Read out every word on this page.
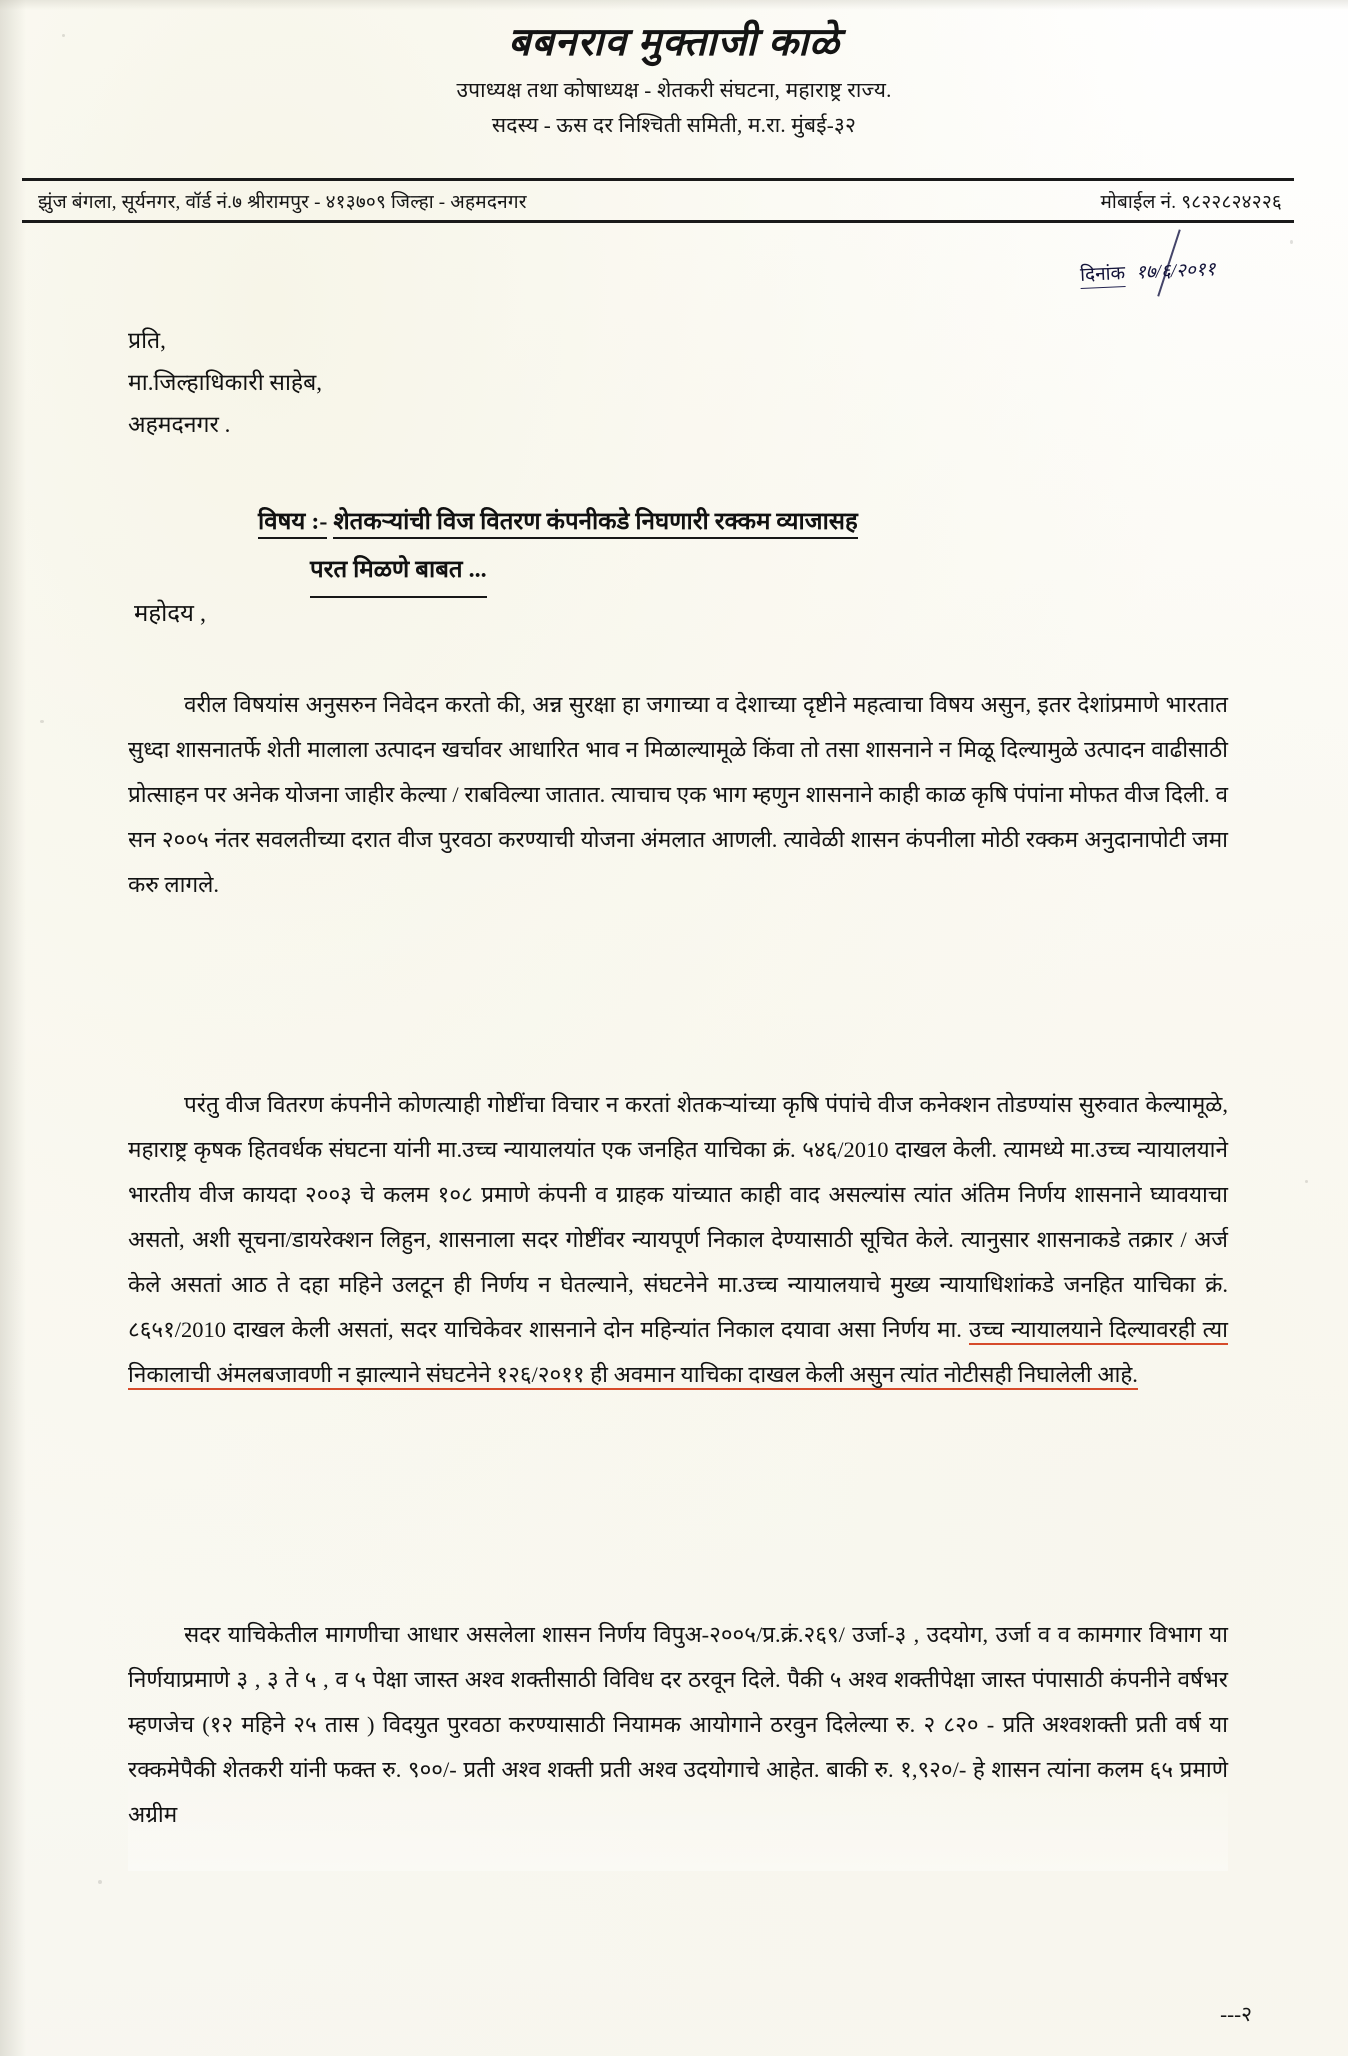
बबनराव मुक्ताजी काळे
उपाध्यक्ष तथा कोषाध्यक्ष - शेतकरी संघटना, महाराष्ट्र राज्य.
सदस्य - ऊस दर निश्चिती समिती, म.रा. मुंबई-३२
झुंज बंगला, सूर्यनगर, वॉर्ड नं.७ श्रीरामपुर - ४१३७०९ जिल्हा - अहमदनगर	मोबाईल नं. ९८२२८२४२२६
दिनांक १७/६/२०११
प्रति,
मा.जिल्हाधिकारी साहेब,
अहमदनगर .
विषय :- शेतकऱ्यांची विज वितरण कंपनीकडे निघणारी रक्कम व्याजासह
परत मिळणे बाबत ...
महोदय ,

वरील विषयांस अनुसरुन निवेदन करतो की, अन्न सुरक्षा हा जगाच्या व देशाच्या दृष्टीने महत्वाचा विषय असुन, इतर देशांप्रमाणे भारतात सुध्दा शासनातर्फे शेती मालाला उत्पादन खर्चावर आधारित भाव न मिळाल्यामूळे किंवा तो तसा शासनाने न मिळू दिल्यामुळे उत्पादन वाढीसाठी प्रोत्साहन पर अनेक योजना जाहीर केल्या / राबविल्या जातात. त्याचाच एक भाग म्हणुन शासनाने काही काळ कृषि पंपांना मोफत वीज दिली. व सन २००५ नंतर सवलतीच्या दरात वीज पुरवठा करण्याची योजना अंमलात आणली. त्यावेळी शासन कंपनीला मोठी रक्कम अनुदानापोटी जमा करु लागले.

परंतु वीज वितरण कंपनीने कोणत्याही गोष्टींचा विचार न करतां शेतकऱ्यांच्या कृषि पंपांचे वीज कनेक्शन तोडण्यांस सुरुवात केल्यामूळे, महाराष्ट्र कृषक हितवर्धक संघटना यांनी मा.उच्च न्यायालयांत एक जनहित याचिका क्रं. ५४६/2010 दाखल केली. त्यामध्ये मा.उच्च न्यायालयाने भारतीय वीज कायदा २००३ चे कलम १०८ प्रमाणे कंपनी व ग्राहक यांच्यात काही वाद असल्यांस त्यांत अंतिम निर्णय शासनाने घ्यावयाचा असतो, अशी सूचना/डायरेक्शन लिहुन, शासनाला सदर गोष्टींवर न्यायपूर्ण निकाल देण्यासाठी सूचित केले. त्यानुसार शासनाकडे तक्रार / अर्ज केले असतां आठ ते दहा महिने उलटून ही निर्णय न घेतल्याने, संघटनेने मा.उच्च न्यायालयाचे मुख्य न्यायाधिशांकडे जनहित याचिका क्रं. ८६५१/2010 दाखल केली असतां, सदर याचिकेवर शासनाने दोन महिन्यांत निकाल दयावा असा निर्णय मा. उच्च न्यायालयाने दिल्यावरही त्या निकालाची अंमलबजावणी न झाल्याने संघटनेने १२६/२०११ ही अवमान याचिका दाखल केली असुन त्यांत नोटीसही निघालेली आहे.

सदर याचिकेतील मागणीचा आधार असलेला शासन निर्णय विपुअ-२००५/प्र.क्रं.२६९/ उर्जा-३ , उदयोग, उर्जा व व कामगार विभाग या निर्णयाप्रमाणे ३ , ३ ते ५ , व ५ पेक्षा जास्त अश्व शक्तीसाठी विविध दर ठरवून दिले. पैकी ५ अश्व शक्तीपेक्षा जास्त पंपासाठी कंपनीने वर्षभर म्हणजेच (१२ महिने २५ तास ) विदयुत पुरवठा करण्यासाठी नियामक आयोगाने ठरवुन दिलेल्या रु. २ ८२० - प्रति अश्वशक्ती प्रती वर्ष या रक्कमेपैकी शेतकरी यांनी फक्त रु. ९००/- प्रती अश्व शक्ती प्रती अश्व उदयोगाचे आहेत. बाकी रु. १,९२०/- हे शासन त्यांना कलम ६५ प्रमाणे अग्रीम

---२
